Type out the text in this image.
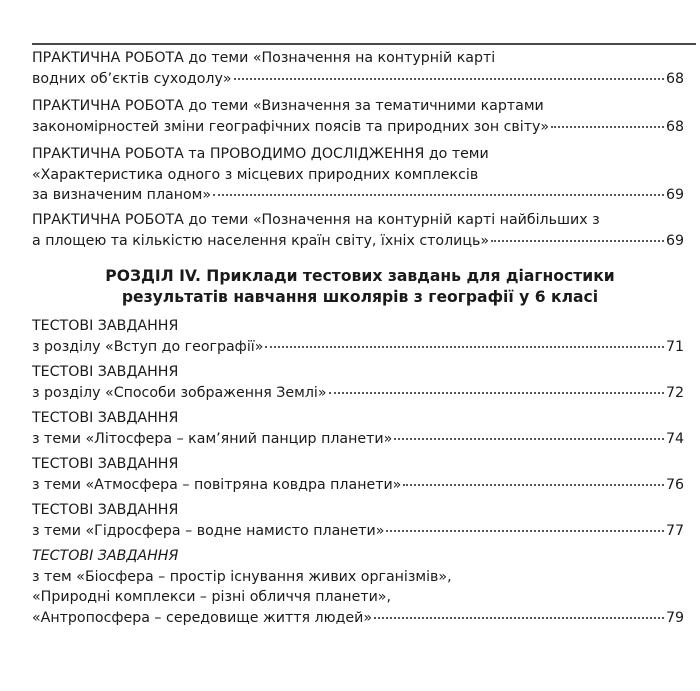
ПРАКТИЧНА РОБОТА до теми «Позначення на контурній карті
водних об’єктів суходолу»	68
ПРАКТИЧНА РОБОТА до теми «Визначення за тематичними картами
закономірностей зміни географічних поясів та природних зон світу»	68
ПРАКТИЧНА РОБОТА та ПРОВОДИМО ДОСЛІДЖЕННЯ до теми
«Характеристика одного з місцевих природних комплексів
за визначеним планом»	69
ПРАКТИЧНА РОБОТА до теми «Позначення на контурній карті найбільших з
а площею та кількістю населення країн світу, їхніх столиць»	69
РОЗДІЛ IV. Приклади тестових завдань для діагностики
результатів навчання школярів з географії у 6 класі
ТЕСТОВІ ЗАВДАННЯ
з розділу «Вступ до географії»	71
ТЕСТОВІ ЗАВДАННЯ
з розділу «Способи зображення Землі»	72
ТЕСТОВІ ЗАВДАННЯ
з теми «Літосфера – кам’яний панцир планети»	74
ТЕСТОВІ ЗАВДАННЯ
з теми «Атмосфера – повітряна ковдра планети»	76
ТЕСТОВІ ЗАВДАННЯ
з теми «Гідросфера – водне намисто планети»	77
ТЕСТОВІ ЗАВДАННЯ
з тем «Біосфера – простір існування живих організмів»,
«Природні комплекси – різні обличчя планети»,
«Антропосфера – середовище життя людей»	79
